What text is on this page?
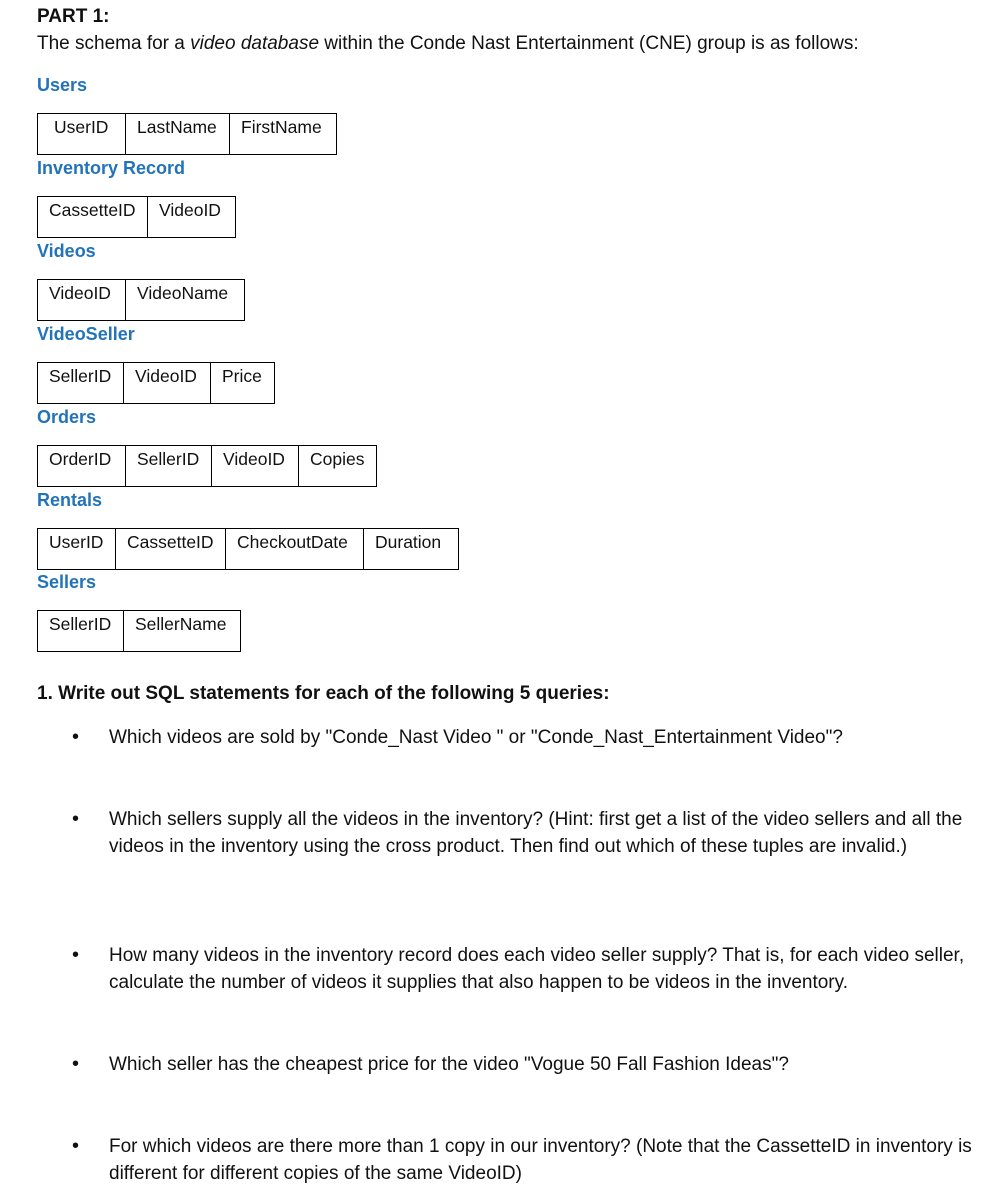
PART 1:
The schema for a video database within the Conde Nast Entertainment (CNE) group is as follows:
Users
UserID	LastName	FirstName
Inventory Record
CassetteID	VideoID
Videos
VideoID	VideoName
VideoSeller
SellerID	VideoID	Price
Orders
OrderID	SellerID	VideoID	Copies
Rentals
UserID	CassetteID	CheckoutDate	Duration
Sellers
SellerID	SellerName
1. Write out SQL statements for each of the following 5 queries:
• Which videos are sold by "Conde_Nast Video " or "Conde_Nast_Entertainment Video"?
• Which sellers supply all the videos in the inventory? (Hint: first get a list of the video sellers and all the videos in the inventory using the cross product. Then find out which of these tuples are invalid.)
• How many videos in the inventory record does each video seller supply? That is, for each video seller, calculate the number of videos it supplies that also happen to be videos in the inventory.
• Which seller has the cheapest price for the video "Vogue 50 Fall Fashion Ideas"?
• For which videos are there more than 1 copy in our inventory? (Note that the CassetteID in inventory is different for different copies of the same VideoID)
